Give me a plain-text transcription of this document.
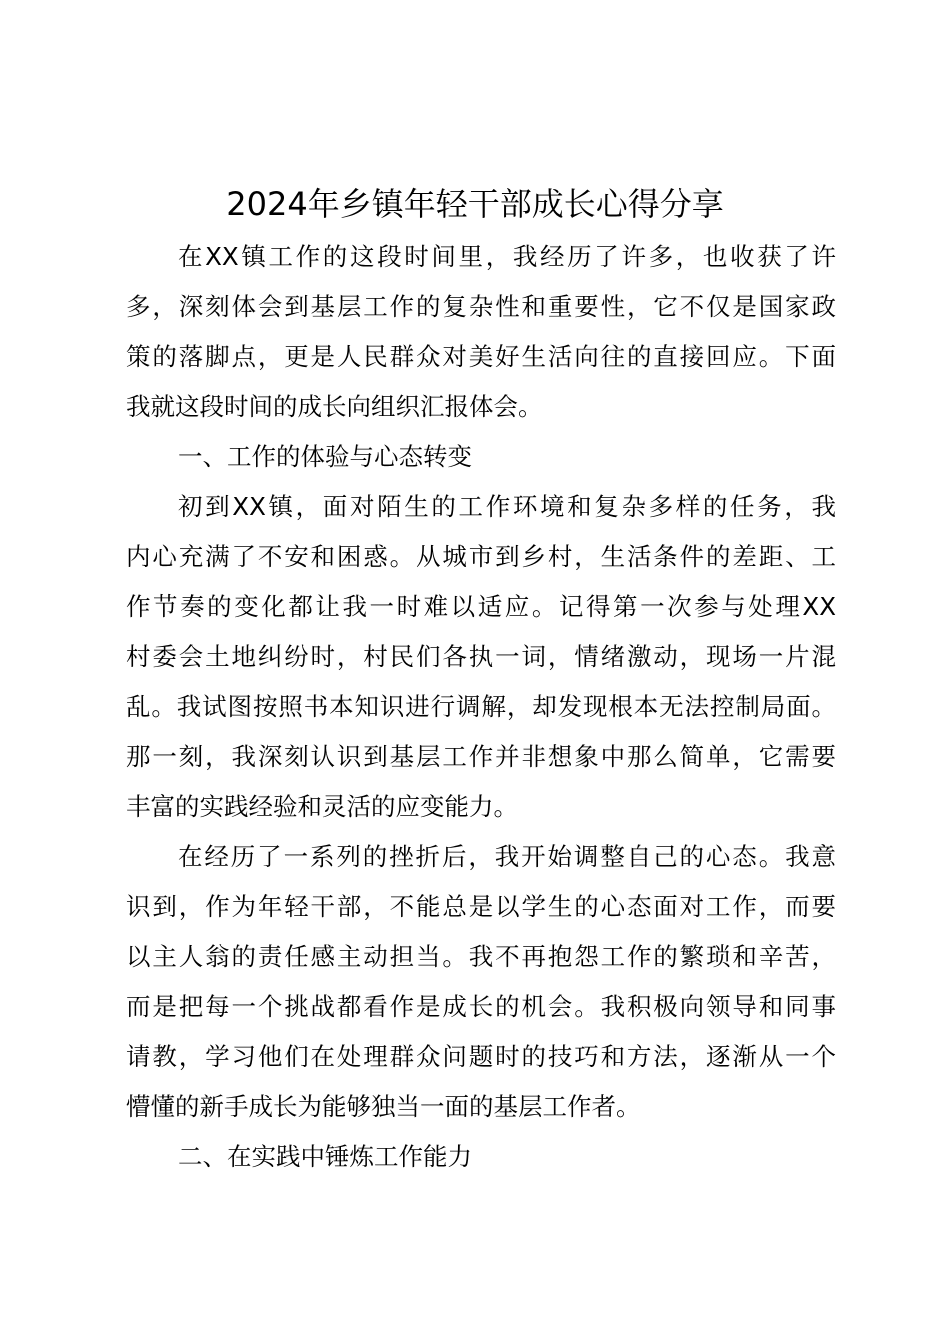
2024年乡镇年轻干部成长心得分享

在XX镇工作的这段时间里，我经历了许多，也收获了许

多，深刻体会到基层工作的复杂性和重要性，它不仅是国家政

策的落脚点，更是人民群众对美好生活向往的直接回应。下面

我就这段时间的成长向组织汇报体会。

一、工作的体验与心态转变

初到XX镇，面对陌生的工作环境和复杂多样的任务，我

内心充满了不安和困惑。从城市到乡村，生活条件的差距、工

作节奏的变化都让我一时难以适应。记得第一次参与处理XX

村委会土地纠纷时，村民们各执一词，情绪激动，现场一片混

乱。我试图按照书本知识进行调解，却发现根本无法控制局面。

那一刻，我深刻认识到基层工作并非想象中那么简单，它需要

丰富的实践经验和灵活的应变能力。

在经历了一系列的挫折后，我开始调整自己的心态。我意

识到，作为年轻干部，不能总是以学生的心态面对工作，而要

以主人翁的责任感主动担当。我不再抱怨工作的繁琐和辛苦，

而是把每一个挑战都看作是成长的机会。我积极向领导和同事

请教，学习他们在处理群众问题时的技巧和方法，逐渐从一个

懵懂的新手成长为能够独当一面的基层工作者。

二、在实践中锤炼工作能力
